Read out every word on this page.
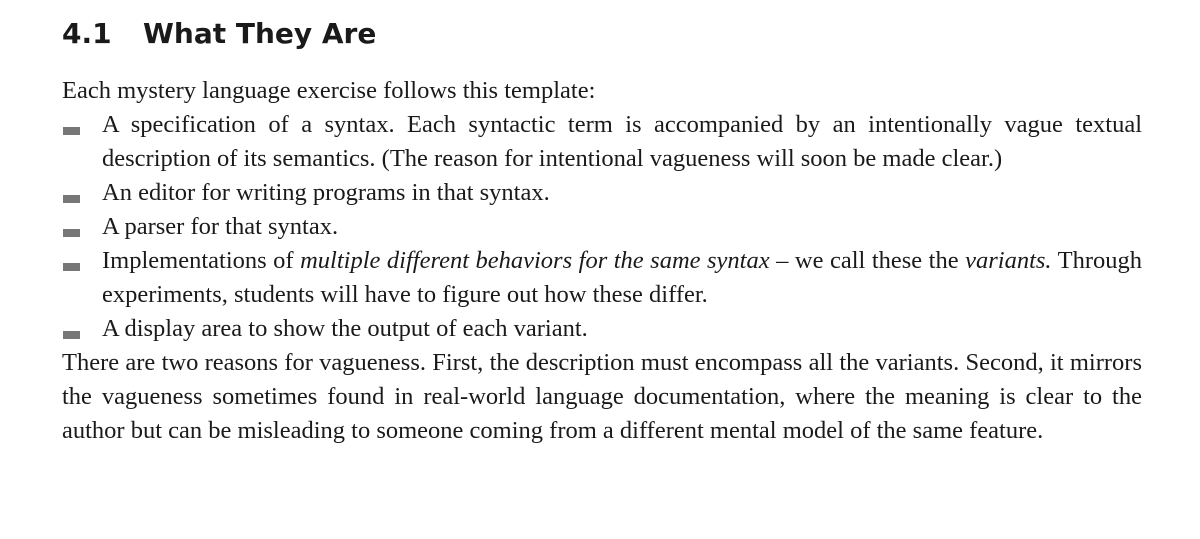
4.1 What They Are

Each mystery language exercise follows this template:

A specification of a syntax. Each syntactic term is accompanied by an intentionally vague textual description of its semantics. (The reason for intentional vagueness will soon be made clear.)
An editor for writing programs in that syntax.
A parser for that syntax.
Implementations of multiple different behaviors for the same syntax – we call these the variants. Through experiments, students will have to figure out how these differ.
A display area to show the output of each variant.

There are two reasons for vagueness. First, the description must encompass all the variants. Second, it mirrors the vagueness sometimes found in real-world language documentation, where the meaning is clear to the author but can be misleading to someone coming from a different mental model of the same feature.
